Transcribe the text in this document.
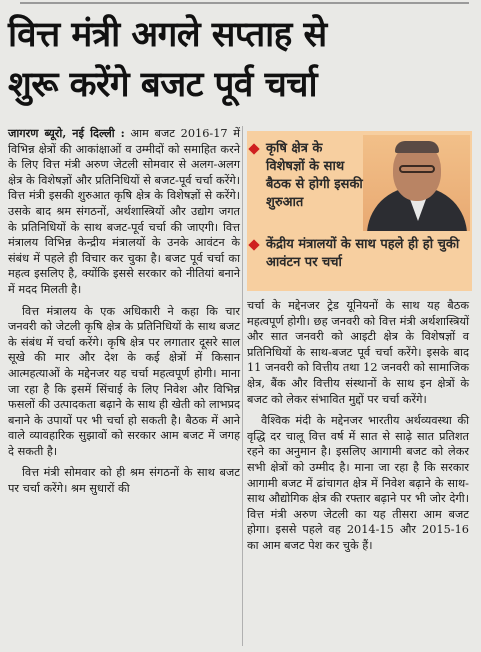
वित्त मंत्री अगले सप्ताह से
शुरू करेंगे बजट पूर्व चर्चा

जागरण ब्यूरो, नई दिल्ली : आम बजट 2016-17 में विभिन्न क्षेत्रों की आकांक्षाओं व उम्मीदों को समाहित करने के लिए वित्त मंत्री अरुण जेटली सोमवार से अलग-अलग क्षेत्र के विशेषज्ञों और प्रतिनिधियों से बजट-पूर्व चर्चा करेंगे। वित्त मंत्री इसकी शुरुआत कृषि क्षेत्र के विशेषज्ञों से करेंगे। उसके बाद श्रम संगठनों, अर्थशास्त्रियों और उद्योग जगत के प्रतिनिधियों के साथ बजट-पूर्व चर्चा की जाएगी। वित्त मंत्रालय विभिन्न केन्द्रीय मंत्रालयों के उनके आवंटन के संबंध में पहले ही विचार कर चुका है। बजट पूर्व चर्चा का महत्व इसलिए है, क्योंकि इससे सरकार को नीतियां बनाने में मदद मिलती है।

वित्त मंत्रालय के एक अधिकारी ने कहा कि चार जनवरी को जेटली कृषि क्षेत्र के प्रतिनिधियों के साथ बजट के संबंध में चर्चा करेंगे। कृषि क्षेत्र पर लगातार दूसरे साल सूखे की मार और देश के कई क्षेत्रों में किसान आत्महत्याओं के मद्देनजर यह चर्चा महत्वपूर्ण होगी। माना जा रहा है कि इसमें सिंचाई के लिए निवेश और विभिन्न फसलों की उत्पादकता बढ़ाने के साथ ही खेती को लाभप्रद बनाने के उपायों पर भी चर्चा हो सकती है। बैठक में आने वाले व्यावहारिक सुझावों को सरकार आम बजट में जगह दे सकती है।

वित्त मंत्री सोमवार को ही श्रम संगठनों के साथ बजट पर चर्चा करेंगे। श्रम सुधारों की

कृषि क्षेत्र के विशेषज्ञों के साथ बैठक से होगी इसकी शुरुआत
केंद्रीय मंत्रालयों के साथ पहले ही हो चुकी आवंटन पर चर्चा

चर्चा के मद्देनजर ट्रेड यूनियनों के साथ यह बैठक महत्वपूर्ण होगी। छह जनवरी को वित्त मंत्री अर्थशास्त्रियों और सात जनवरी को आइटी क्षेत्र के विशेषज्ञों व प्रतिनिधियों के साथ-बजट पूर्व चर्चा करेंगे। इसके बाद 11 जनवरी को वित्तीय तथा 12 जनवरी को सामाजिक क्षेत्र, बैंक और वित्तीय संस्थानों के साथ इन क्षेत्रों के बजट को लेकर संभावित मुद्दों पर चर्चा करेंगे।

वैश्विक मंदी के मद्देनजर भारतीय अर्थव्यवस्था की वृद्धि दर चालू वित्त वर्ष में सात से साढ़े सात प्रतिशत रहने का अनुमान है। इसलिए आगामी बजट को लेकर सभी क्षेत्रों को उम्मीद है। माना जा रहा है कि सरकार आगामी बजट में ढांचागत क्षेत्र में निवेश बढ़ाने के साथ-साथ औद्योगिक क्षेत्र की रफ्तार बढ़ाने पर भी जोर देगी। वित्त मंत्री अरुण जेटली का यह तीसरा आम बजट होगा। इससे पहले वह 2014-15 और 2015-16 का आम बजट पेश कर चुके हैं।
